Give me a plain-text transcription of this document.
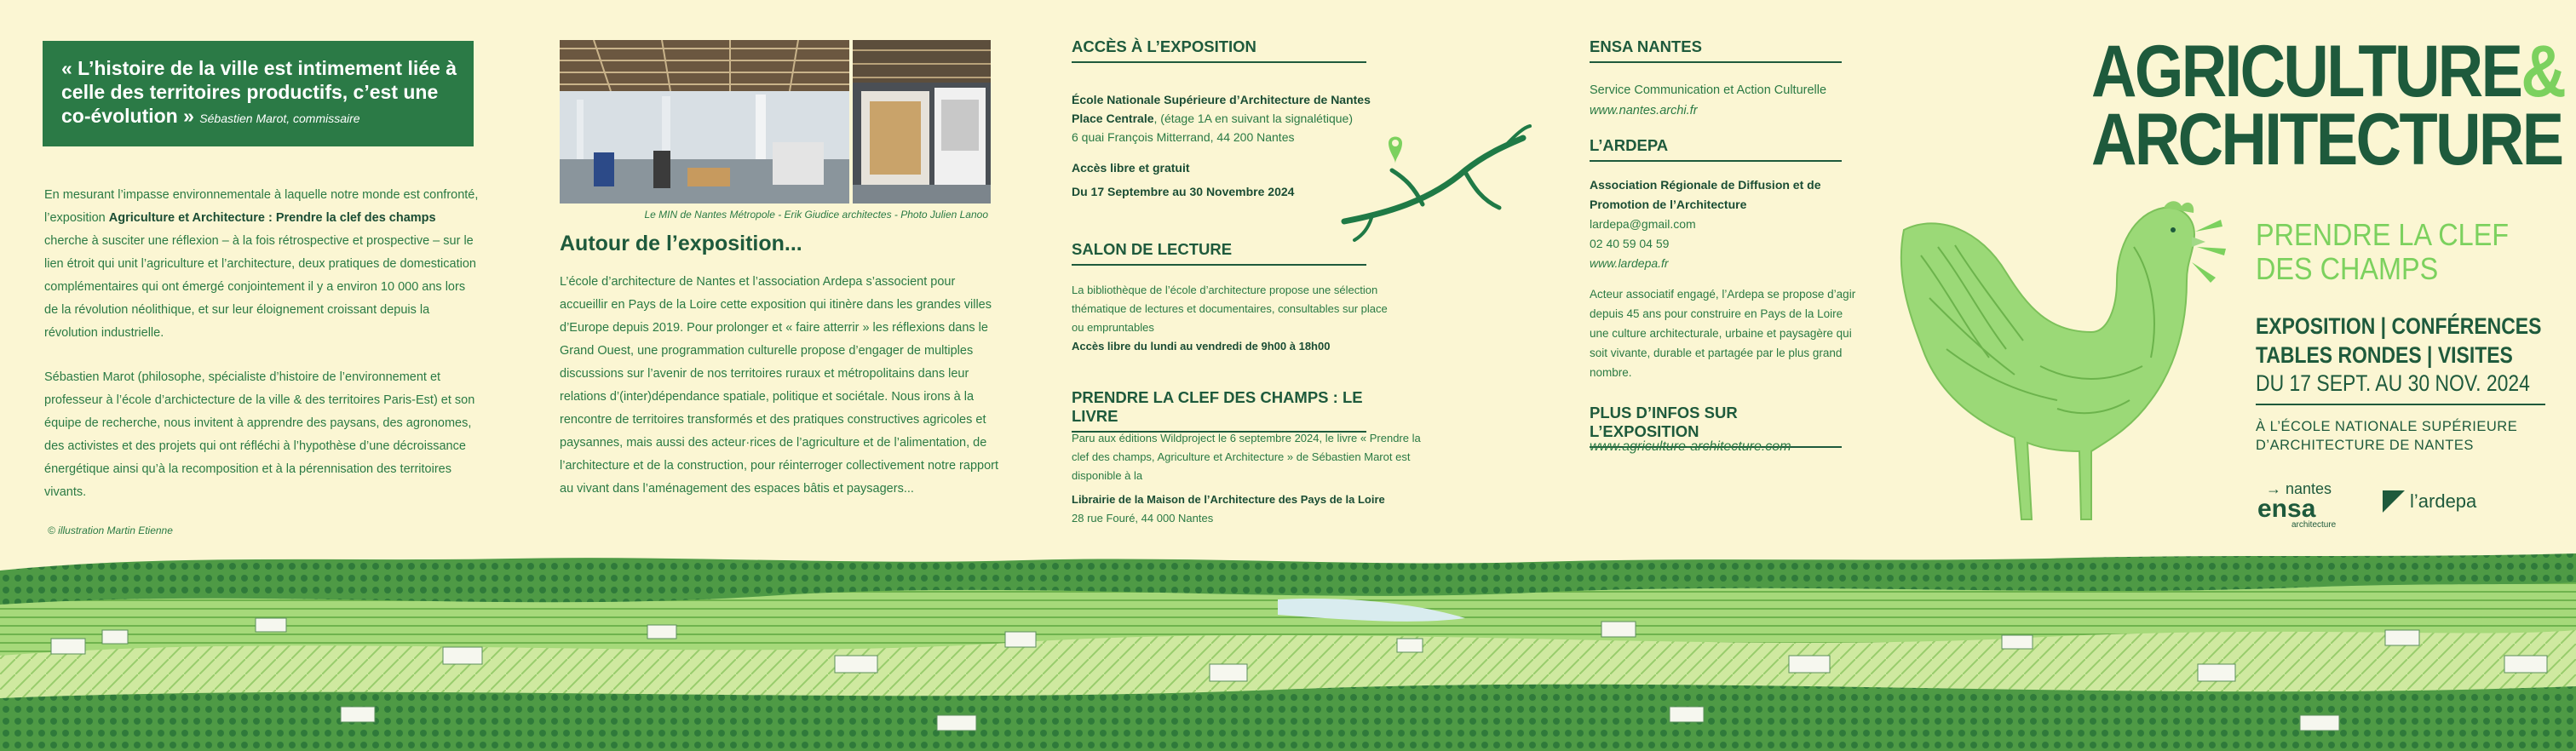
« L’histoire de la ville est intimement liée à celle des territoires productifs, c’est une co-évolution » Sébastien Marot, commissaire

En mesurant l’impasse environnementale à laquelle notre monde est confronté, l’exposition Agriculture et Architecture : Prendre la clef des champs cherche à susciter une réflexion – à la fois rétrospective et prospective – sur le lien étroit qui unit l’agriculture et l’architecture, deux pratiques de domestication complémentaires qui ont émergé conjointement il y a environ 10 000 ans lors de la révolution néolithique, et sur leur éloignement croissant depuis la révolution industrielle.

Sébastien Marot (philosophe, spécialiste d’histoire de l’environnement et professeur à l’école d’archictecture de la ville & des territoires Paris-Est) et son équipe de recherche, nous invitent à apprendre des paysans, des agronomes, des activistes et des projets qui ont réfléchi à l’hypothèse d’une décroissance énergétique ainsi qu’à la recomposition et à la pérennisation des territoires vivants.

© illustration Martin Etienne
Le MIN de Nantes Métropole - Erik Giudice architectes - Photo Julien Lanoo
Autour de l’exposition...

L’école d’architecture de Nantes et l’association Ardepa s’associent pour accueillir en Pays de la Loire cette exposition qui itinère dans les grandes villes d’Europe depuis 2019. Pour prolonger et « faire atterrir » les réflexions dans le Grand Ouest, une programmation culturelle propose d’engager de multiples discussions sur l’avenir de nos territoires ruraux et métropolitains dans leur relations d’(inter)dépendance spatiale, politique et sociétale. Nous irons à la rencontre de territoires transformés et des pratiques constructives agricoles et paysannes, mais aussi des acteur·rices de l’agriculture et de l’alimentation, de l’architecture et de la construction, pour réinterroger collectivement notre rapport au vivant dans l’aménagement des espaces bâtis et paysagers...

ACCÈS À L’EXPOSITION
École Nationale Supérieure d’Architecture de Nantes
Place Centrale, (étage 1A en suivant la signalétique)
6 quai François Mitterrand, 44 200 Nantes
Accès libre et gratuit
Du 17 Septembre au 30 Novembre 2024
SALON DE LECTURE
La bibliothèque de l’école d’architecture propose une sélection thématique de lectures et documentaires, consultables sur place ou empruntables
Accès libre du lundi au vendredi de 9h00 à 18h00
PRENDRE LA CLEF DES CHAMPS : LE LIVRE
Paru aux éditions Wildproject le 6 septembre 2024, le livre « Prendre la clef des champs, Agriculture et Architecture » de Sébastien Marot est disponible à la
Librairie de la Maison de l’Architecture des Pays de la Loire
28 rue Fouré, 44 000 Nantes
ENSA NANTES
Service Communication et Action Culturelle
www.nantes.archi.fr
L’ARDEPA
Association Régionale de Diffusion et de Promotion de l’Architecture
lardepa@gmail.com
02 40 59 04 59
www.lardepa.fr

Acteur associatif engagé, l’Ardepa se propose d’agir depuis 45 ans pour construire en Pays de la Loire une culture architecturale, urbaine et paysagère qui soit vivante, durable et partagée par le plus grand nombre.

PLUS D’INFOS SUR L’EXPOSITION
www.agriculture-architecture.com
AGRICULTURE&
ARCHITECTURE
PRENDRE LA CLEF
DES CHAMPS
EXPOSITION | CONFÉRENCES
TABLES RONDES | VISITES
DU 17 SEPT. AU 30 NOV. 2024
À L’ÉCOLE NATIONALE SUPÉRIEURE
D’ARCHITECTURE DE NANTES
→ nantes
ensa
architecture
l’ardepa
